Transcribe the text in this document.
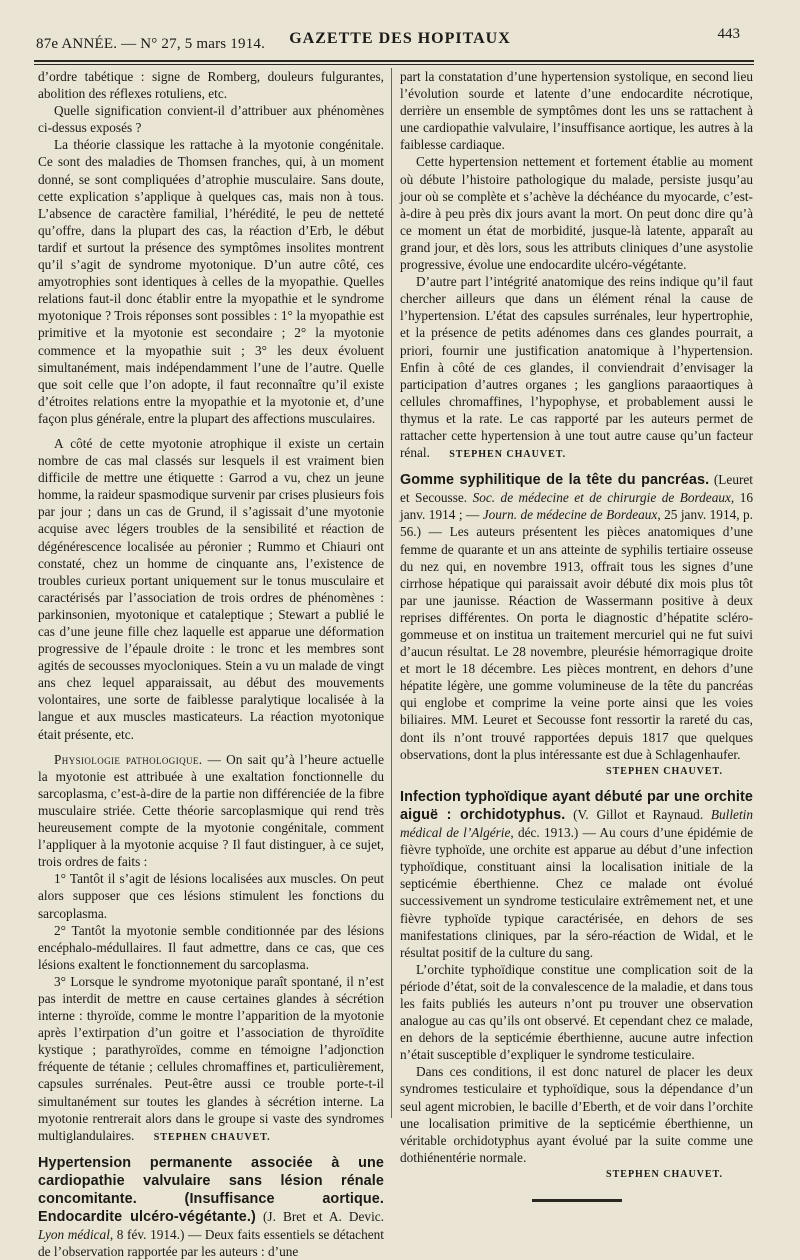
87e ANNÉE. — N° 27, 5 mars 1914.	GAZETTE DES HOPITAUX	443

d’ordre tabétique : signe de Romberg, douleurs fulgurantes, abolition des réflexes rotuliens, etc.

Quelle signification convient-il d’attribuer aux phénomènes ci-dessus exposés ?

La théorie classique les rattache à la myotonie congénitale. Ce sont des maladies de Thomsen franches, qui, à un moment donné, se sont compliquées d’atrophie musculaire. Sans doute, cette explication s’applique à quelques cas, mais non à tous. L’absence de caractère familial, l’hérédité, le peu de netteté qu’offre, dans la plupart des cas, la réaction d’Erb, le début tardif et surtout la présence des symptômes insolites montrent qu’il s’agit de syndrome myotonique. D’un autre côté, ces amyotrophies sont identiques à celles de la myopathie. Quelles relations faut-il donc établir entre la myopathie et le syndrome myotonique ? Trois réponses sont possibles : 1° la myopathie est primitive et la myotonie est secondaire ; 2° la myotonie commence et la myopathie suit ; 3° les deux évoluent simultanément, mais indépendamment l’une de l’autre. Quelle que soit celle que l’on adopte, il faut reconnaître qu’il existe d’étroites relations entre la myopathie et la myotonie et, d’une façon plus générale, entre la plupart des affections musculaires.

A côté de cette myotonie atrophique il existe un certain nombre de cas mal classés sur lesquels il est vraiment bien difficile de mettre une étiquette : Garrod a vu, chez un jeune homme, la raideur spasmodique survenir par crises plusieurs fois par jour ; dans un cas de Grund, il s’agissait d’une myotonie acquise avec légers troubles de la sensibilité et réaction de dégénérescence localisée au péronier ; Rummo et Chiauri ont constaté, chez un homme de cinquante ans, l’existence de troubles curieux portant uniquement sur le tonus musculaire et caractérisés par l’association de trois ordres de phénomènes : parkinsonien, myotonique et cataleptique ; Stewart a publié le cas d’une jeune fille chez laquelle est apparue une déformation progressive de l’épaule droite : le tronc et les membres sont agités de secousses myocloniques. Stein a vu un malade de vingt ans chez lequel apparaissait, au début des mouvements volontaires, une sorte de faiblesse paralytique localisée à la langue et aux muscles masticateurs. La réaction myotonique était présente, etc.

Physiologie pathologique. — On sait qu’à l’heure actuelle la myotonie est attribuée à une exaltation fonctionnelle du sarcoplasma, c’est-à-dire de la partie non différenciée de la fibre musculaire striée. Cette théorie sarcoplasmique qui rend très heureusement compte de la myotonie congénitale, comment l’appliquer à la myotonie acquise ? Il faut distinguer, à ce sujet, trois ordres de faits :

1° Tantôt il s’agit de lésions localisées aux muscles. On peut alors supposer que ces lésions stimulent les fonctions du sarcoplasma.

2° Tantôt la myotonie semble conditionnée par des lésions encéphalo-médullaires. Il faut admettre, dans ce cas, que ces lésions exaltent le fonctionnement du sarcoplasma.

3° Lorsque le syndrome myotonique paraît spontané, il n’est pas interdit de mettre en cause certaines glandes à sécrétion interne : thyroïde, comme le montre l’apparition de la myotonie après l’extirpation d’un goitre et l’association de thyroïdite kystique ; parathyroïdes, comme en témoigne l’adjonction fréquente de tétanie ; cellules chromaffines et, particulièrement, capsules surrénales. Peut-être aussi ce trouble porte-t-il simultanément sur toutes les glandes à sécrétion interne. La myotonie rentrerait alors dans le groupe si vaste des syndromes multiglandulaires. STEPHEN CHAUVET.

Hypertension permanente associée à une cardiopathie valvulaire sans lésion rénale concomitante. (Insuffisance aortique. Endocardite ulcéro-végétante.) (J. Bret et A. Devic. Lyon médical, 8 fév. 1914.) — Deux faits essentiels se détachent de l’observation rapportée par les auteurs : d’une

part la constatation d’une hypertension systolique, en second lieu l’évolution sourde et latente d’une endocardite nécrotique, derrière un ensemble de symptômes dont les uns se rattachent à une cardiopathie valvulaire, l’insuffisance aortique, les autres à la faiblesse cardiaque.

Cette hypertension nettement et fortement établie au moment où débute l’histoire pathologique du malade, persiste jusqu’au jour où se complète et s’achève la déchéance du myocarde, c’est-à-dire à peu près dix jours avant la mort. On peut donc dire qu’à ce moment un état de morbidité, jusque-là latente, apparaît au grand jour, et dès lors, sous les attributs cliniques d’une asystolie progressive, évolue une endocardite ulcéro-végétante.

D’autre part l’intégrité anatomique des reins indique qu’il faut chercher ailleurs que dans un élément rénal la cause de l’hypertension. L’état des capsules surrénales, leur hypertrophie, et la présence de petits adénomes dans ces glandes pourrait, a priori, fournir une justification anatomique à l’hypertension. Enfin à côté de ces glandes, il conviendrait d’envisager la participation d’autres organes ; les ganglions paraaortiques à cellules chromaffines, l’hypophyse, et probablement aussi le thymus et la rate. Le cas rapporté par les auteurs permet de rattacher cette hypertension à une tout autre cause qu’un facteur rénal. STEPHEN CHAUVET.

Gomme syphilitique de la tête du pancréas. (Leuret et Secousse. Soc. de médecine et de chirurgie de Bordeaux, 16 janv. 1914 ; — Journ. de médecine de Bordeaux, 25 janv. 1914, p. 56.) — Les auteurs présentent les pièces anatomiques d’une femme de quarante et un ans atteinte de syphilis tertiaire osseuse du nez qui, en novembre 1913, offrait tous les signes d’une cirrhose hépatique qui paraissait avoir débuté dix mois plus tôt par une jaunisse. Réaction de Wassermann positive à deux reprises différentes. On porta le diagnostic d’hépatite scléro-gommeuse et on institua un traitement mercuriel qui ne fut suivi d’aucun résultat. Le 28 novembre, pleurésie hémorragique droite et mort le 18 décembre. Les pièces montrent, en dehors d’une hépatite légère, une gomme volumineuse de la tête du pancréas qui englobe et comprime la veine porte ainsi que les voies biliaires. MM. Leuret et Secousse font ressortir la rareté du cas, dont ils n’ont trouvé rapportées depuis 1817 que quelques observations, dont la plus intéressante est due à Schlagenhaufer.

STEPHEN CHAUVET.

Infection typhoïdique ayant débuté par une orchite aiguë : orchidotyphus. (V. Gillot et Raynaud. Bulletin médical de l’Algérie, déc. 1913.) — Au cours d’une épidémie de fièvre typhoïde, une orchite est apparue au début d’une infection typhoïdique, constituant ainsi la localisation initiale de la septicémie éberthienne. Chez ce malade ont évolué successivement un syndrome testiculaire extrêmement net, et une fièvre typhoïde typique caractérisée, en dehors de ses manifestations cliniques, par la séro-réaction de Widal, et le résultat positif de la culture du sang.

L’orchite typhoïdique constitue une complication soit de la période d’état, soit de la convalescence de la maladie, et dans tous les faits publiés les auteurs n’ont pu trouver une observation analogue au cas qu’ils ont observé. Et cependant chez ce malade, en dehors de la septicémie éberthienne, aucune autre infection n’était susceptible d’expliquer le syndrome testiculaire.

Dans ces conditions, il est donc naturel de placer les deux syndromes testiculaire et typhoïdique, sous la dépendance d’un seul agent microbien, le bacille d’Eberth, et de voir dans l’orchite une localisation primitive de la septicémie éberthienne, un véritable orchidotyphus ayant évolué par la suite comme une dothiénentérie normale.

STEPHEN CHAUVET.
